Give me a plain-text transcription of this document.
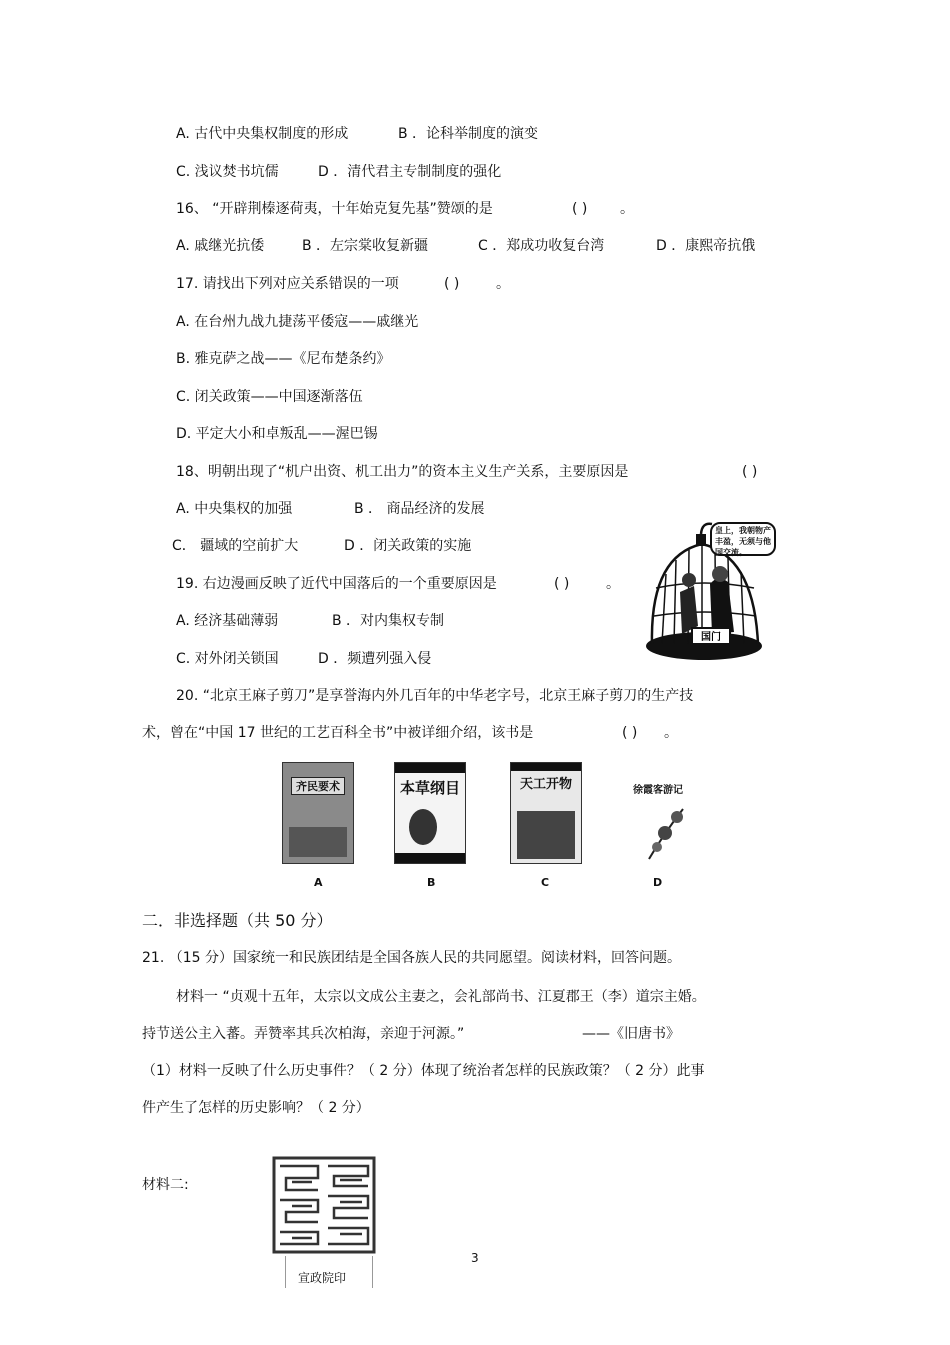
A. 古代中央集权制度的形成	B ．论科举制度的演变
C. 浅议焚书坑儒	D ．清代君主专制制度的强化
16、 “开辟荆榛逐荷夷，十年始克复先基”赞颂的是	( ) 。
A. 戚继光抗倭	B ．左宗棠收复新疆	C ．郑成功收复台湾	D ．康熙帝抗俄
17. 请找出下列对应关系错误的一项	( )	。
A. 在台州九战九捷荡平倭寇——戚继光
B. 雅克萨之战——《尼布楚条约》
C. 闭关政策——中国逐渐落伍
D. 平定大小和卓叛乱——渥巴锡
18、明朝出现了“机户出资、机工出力”的资本主义生产关系，主要原因是	( )
A. 中央集权的加强	B ． 商品经济的发展
C． 疆域的空前扩大	D ．闭关政策的实施
19. 右边漫画反映了近代中国落后的一个重要原因是	( )	。
A. 经济基础薄弱	B ．对内集权专制
C. 对外闭关锁国	D ．频遭列强入侵
国门
皇上，我朝物产丰盈，无须与他国交流。
20. “北京王麻子剪刀”是享誉海内外几百年的中华老字号，北京王麻子剪刀的生产技
术，曾在“中国 17 世纪的工艺百科全书”中被详细介绍，该书是	( ) 。
齐民要术
A
本草纲目
B
天工开物
C
徐霞客游记
D
二．非选择题（共 50 分）
21. （15 分）国家统一和民族团结是全国各族人民的共同愿望。阅读材料，回答问题。
材料一 “贞观十五年，太宗以文成公主妻之，会礼部尚书、江夏郡王（李）道宗主婚。
持节送公主入蕃。弄赞率其兵次柏海，亲迎于河源。”	——《旧唐书》
（1）材料一反映了什么历史事件？（ 2 分）体现了统治者怎样的民族政策？（ 2 分）此事
件产生了怎样的历史影响？（ 2 分）
材料二:
宣政院印
3
